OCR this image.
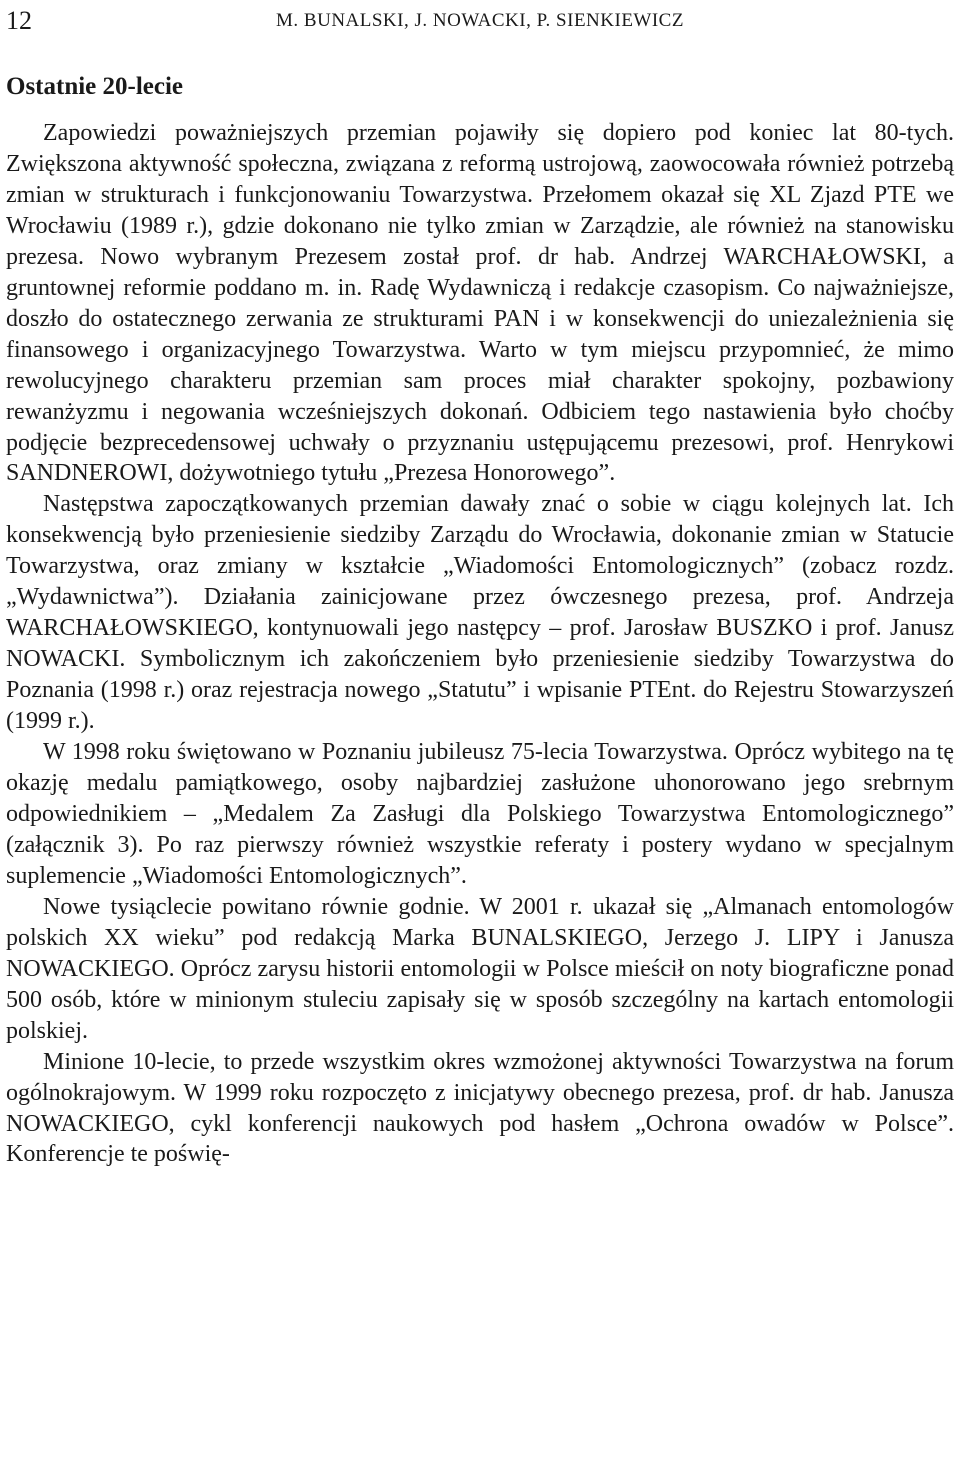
12	M. BUNALSKI, J. NOWACKI, P. SIENKIEWICZ
Ostatnie 20-lecie

Zapowiedzi poważniejszych przemian pojawiły się dopiero pod koniec lat 80-tych. Zwiększona aktywność społeczna, związana z reformą ustrojową, zaowocowała również potrzebą zmian w strukturach i funkcjonowaniu Towarzystwa. Przełomem okazał się XL Zjazd PTE we Wrocławiu (1989 r.), gdzie dokonano nie tylko zmian w Zarządzie, ale również na stanowisku prezesa. Nowo wybranym Prezesem został prof. dr hab. Andrzej WARCHAŁOWSKI, a gruntownej reformie poddano m. in. Radę Wydawniczą i redakcje czasopism. Co najważniejsze, doszło do ostatecznego zerwania ze strukturami PAN i w konsekwencji do uniezależnienia się finansowego i organizacyjnego Towarzystwa. Warto w tym miejscu przypomnieć, że mimo rewolucyjnego charakteru przemian sam proces miał charakter spokojny, pozbawiony rewanżyzmu i negowania wcześniejszych dokonań. Odbiciem tego nastawienia było choćby podjęcie bezprecedensowej uchwały o przyznaniu ustępującemu prezesowi, prof. Henrykowi SANDNEROWI, dożywotniego tytułu „Prezesa Honorowego”.

Następstwa zapoczątkowanych przemian dawały znać o sobie w ciągu kolejnych lat. Ich konsekwencją było przeniesienie siedziby Zarządu do Wrocławia, dokonanie zmian w Statucie Towarzystwa, oraz zmiany w kształcie „Wiadomości Entomologicznych” (zobacz rozdz. „Wydawnictwa”). Działania zainicjowane przez ówczesnego prezesa, prof. Andrzeja WARCHAŁOWSKIEGO, kontynuowali jego następcy – prof. Jarosław BUSZKO i prof. Janusz NOWACKI. Symbolicznym ich zakończeniem było przeniesienie siedziby Towarzystwa do Poznania (1998 r.) oraz rejestracja nowego „Statutu” i wpisanie PTEnt. do Rejestru Stowarzyszeń (1999 r.).

W 1998 roku świętowano w Poznaniu jubileusz 75-lecia Towarzystwa. Oprócz wybitego na tę okazję medalu pamiątkowego, osoby najbardziej zasłużone uhonorowano jego srebrnym odpowiednikiem – „Medalem Za Zasługi dla Polskiego Towarzystwa Entomologicznego” (załącznik 3). Po raz pierwszy również wszystkie referaty i postery wydano w specjalnym suplemencie „Wiadomości Entomologicznych”.

Nowe tysiąclecie powitano równie godnie. W 2001 r. ukazał się „Almanach entomologów polskich XX wieku” pod redakcją Marka BUNALSKIEGO, Jerzego J. LIPY i Janusza NOWACKIEGO. Oprócz zarysu historii entomologii w Polsce mieścił on noty biograficzne ponad 500 osób, które w minionym stuleciu zapisały się w sposób szczególny na kartach entomologii polskiej.

Minione 10-lecie, to przede wszystkim okres wzmożonej aktywności Towarzystwa na forum ogólnokrajowym. W 1999 roku rozpoczęto z inicjatywy obecnego prezesa, prof. dr hab. Janusza NOWACKIEGO, cykl konferencji naukowych pod hasłem „Ochrona owadów w Polsce”. Konferencje te poświę-
